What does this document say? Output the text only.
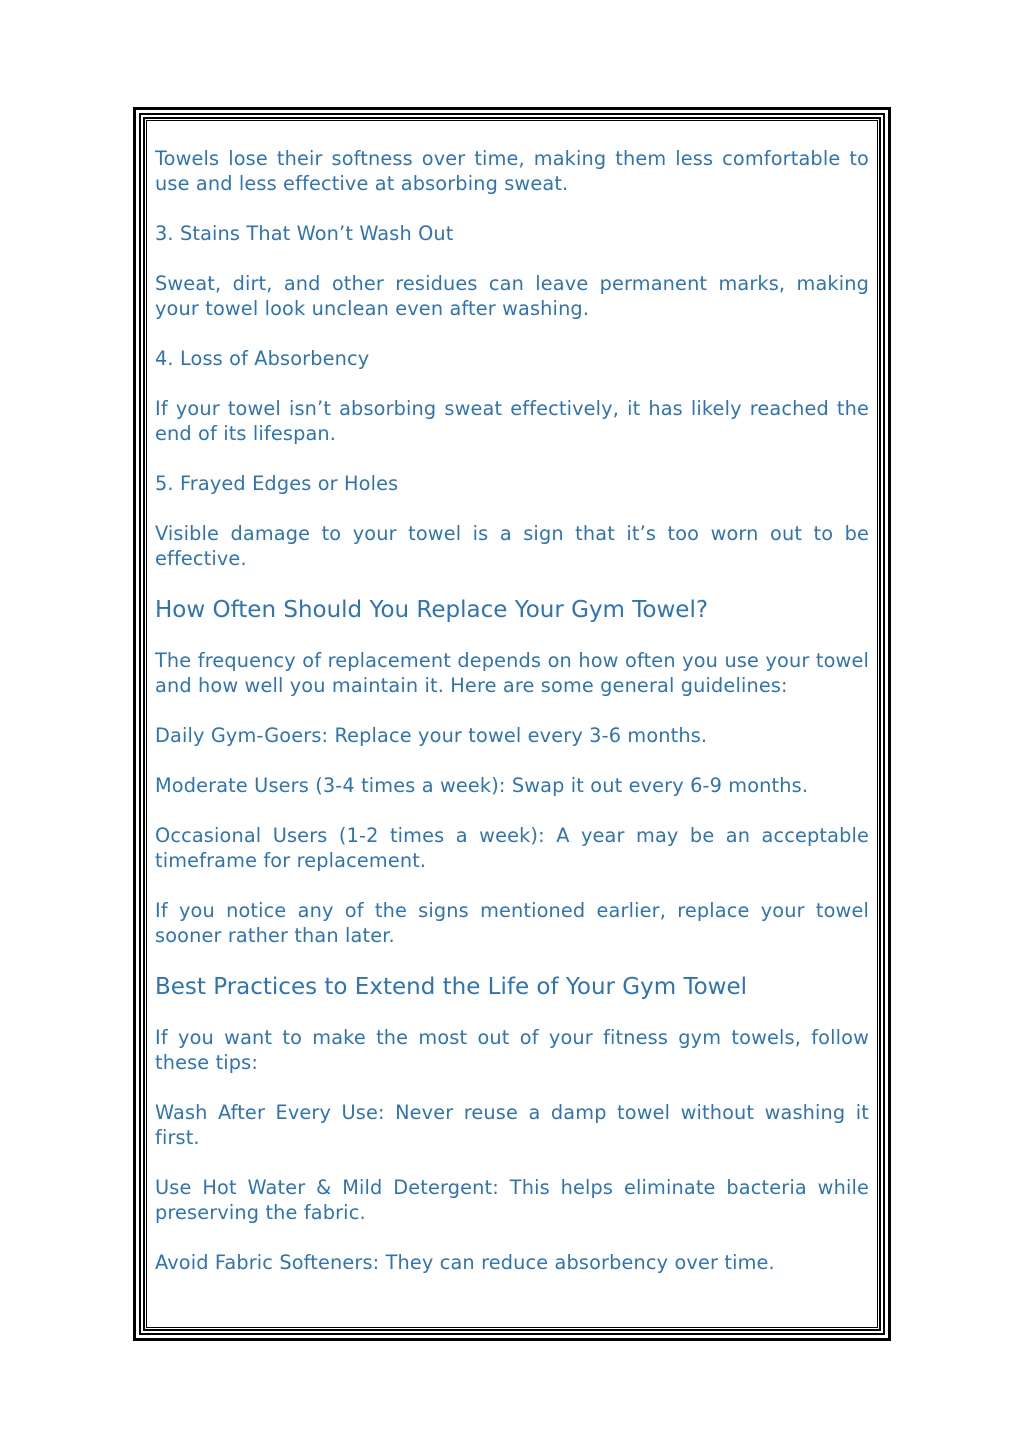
Towels lose their softness over time, making them less comfortable to use and less effective at absorbing sweat.

3. Stains That Won’t Wash Out

Sweat, dirt, and other residues can leave permanent marks, making your towel look unclean even after washing.

4. Loss of Absorbency

If your towel isn’t absorbing sweat effectively, it has likely reached the end of its lifespan.

5. Frayed Edges or Holes

Visible damage to your towel is a sign that it’s too worn out to be effective.

How Often Should You Replace Your Gym Towel?

The frequency of replacement depends on how often you use your towel and how well you maintain it. Here are some general guidelines:

Daily Gym-Goers: Replace your towel every 3-6 months.

Moderate Users (3-4 times a week): Swap it out every 6-9 months.

Occasional Users (1-2 times a week): A year may be an acceptable timeframe for replacement.

If you notice any of the signs mentioned earlier, replace your towel sooner rather than later.

Best Practices to Extend the Life of Your Gym Towel

If you want to make the most out of your fitness gym towels, follow these tips:

Wash After Every Use: Never reuse a damp towel without washing it first.

Use Hot Water & Mild Detergent: This helps eliminate bacteria while preserving the fabric.

Avoid Fabric Softeners: They can reduce absorbency over time.
